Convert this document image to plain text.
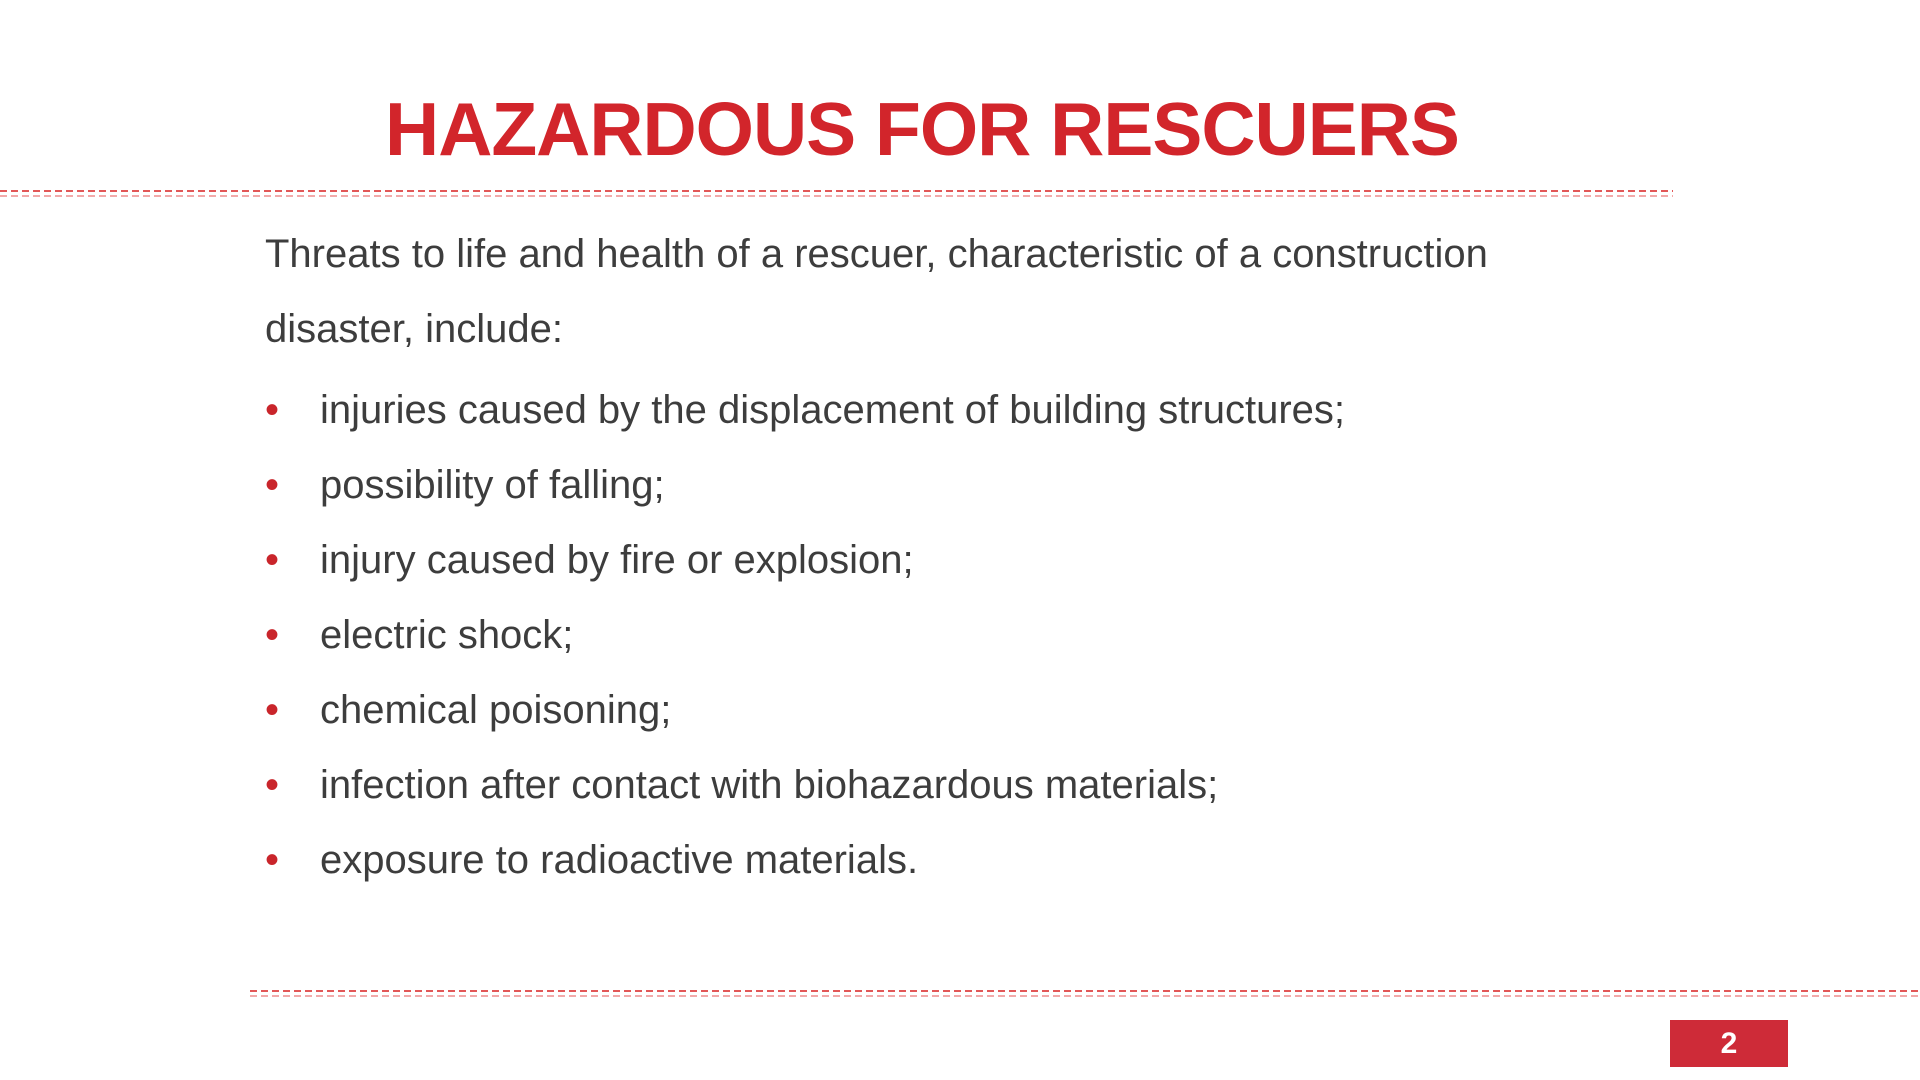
HAZARDOUS FOR RESCUERS

Threats to life and health of a rescuer, characteristic of a construction disaster, include:

• injuries caused by the displacement of building structures;
• possibility of falling;
• injury caused by fire or explosion;
• electric shock;
• chemical poisoning;
• infection after contact with biohazardous materials;
• exposure to radioactive materials.
2
